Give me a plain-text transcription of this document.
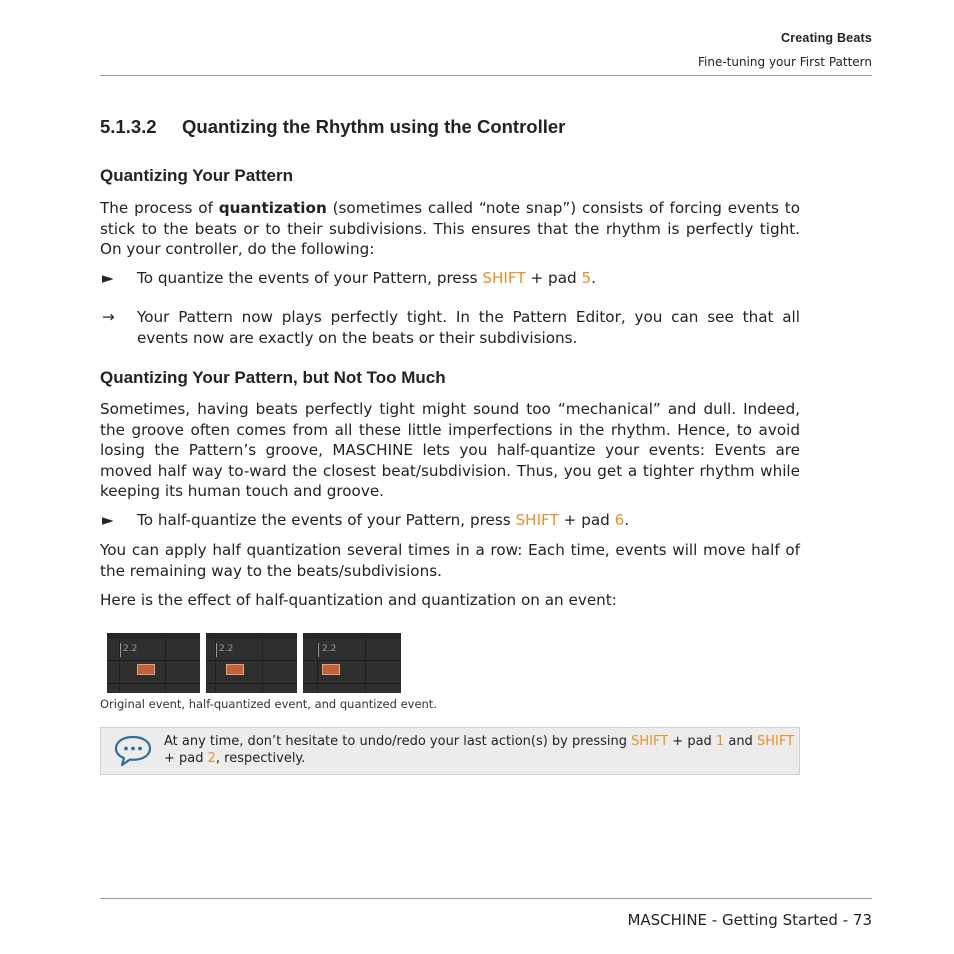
Creating Beats
Fine-tuning your First Pattern
5.1.3.2 Quantizing the Rhythm using the Controller
Quantizing Your Pattern
The process of quantization (sometimes called “note snap”) consists of forcing events to stick to the beats or to their subdivisions. This ensures that the rhythm is perfectly tight. On your controller, do the following:
► To quantize the events of your Pattern, press SHIFT + pad 5.
→ Your Pattern now plays perfectly tight. In the Pattern Editor, you can see that all events now are exactly on the beats or their subdivisions.
Quantizing Your Pattern, but Not Too Much
Sometimes, having beats perfectly tight might sound too “mechanical” and dull. Indeed, the groove often comes from all these little imperfections in the rhythm. Hence, to avoid losing the Pattern’s groove, MASCHINE lets you half-quantize your events: Events are moved half way to-ward the closest beat/subdivision. Thus, you get a tighter rhythm while keeping its human touch and groove.
► To half-quantize the events of your Pattern, press SHIFT + pad 6.
You can apply half quantization several times in a row: Each time, events will move half of the remaining way to the beats/subdivisions.
Here is the effect of half-quantization and quantization on an event:
2.2	2.2	2.2
Original event, half-quantized event, and quantized event.
At any time, don’t hesitate to undo/redo your last action(s) by pressing SHIFT + pad 1 and SHIFT + pad 2, respectively.
MASCHINE - Getting Started - 73
